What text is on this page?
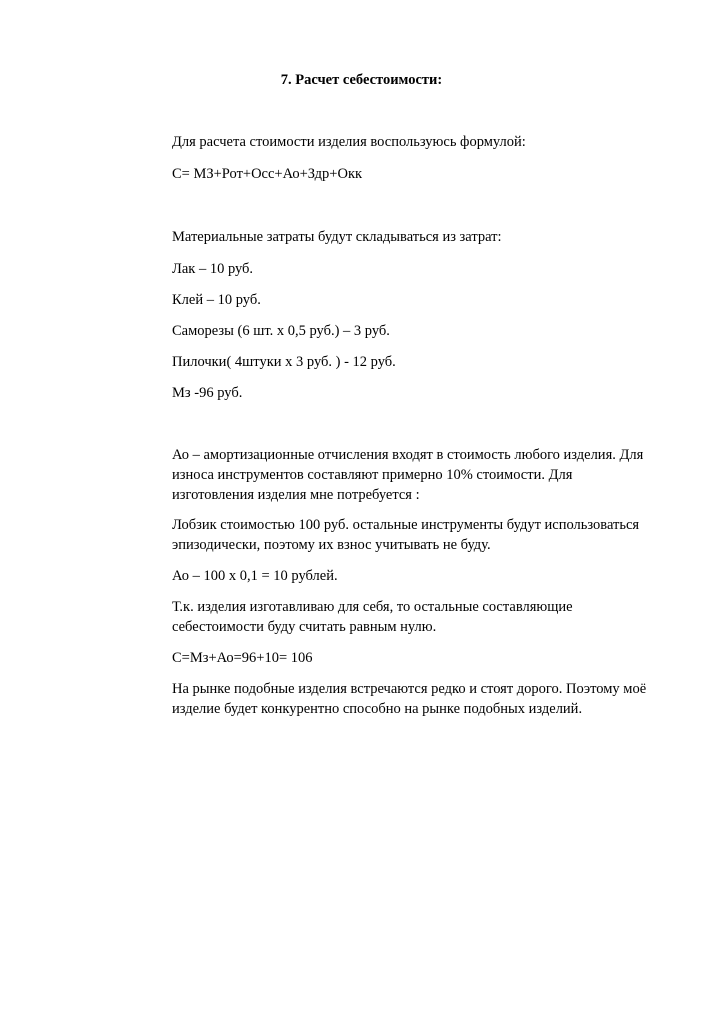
7. Расчет себестоимости:
Для расчета стоимости изделия воспользуюсь формулой:
С= МЗ+Рот+Осс+Ао+Здр+Окк
Материальные затраты будут складываться из затрат:
Лак – 10 руб.
Клей – 10 руб.
Саморезы (6 шт. х 0,5 руб.) – 3 руб.
Пилочки( 4штуки х 3 руб. ) - 12 руб.
Мз -96 руб.
Ао – амортизационные отчисления входят в стоимость любого изделия. Для
износа инструментов составляют примерно 10% стоимости. Для
изготовления изделия мне потребуется :
Лобзик стоимостью 100 руб. остальные инструменты будут использоваться
эпизодически, поэтому их взнос учитывать не буду.
Ао – 100 х 0,1 = 10 рублей.
Т.к. изделия изготавливаю для себя, то остальные составляющие
себестоимости буду считать равным нулю.
С=Мз+Ао=96+10= 106
На рынке подобные изделия встречаются редко и стоят дорого. Поэтому моё
изделие будет конкурентно способно на рынке подобных изделий.
